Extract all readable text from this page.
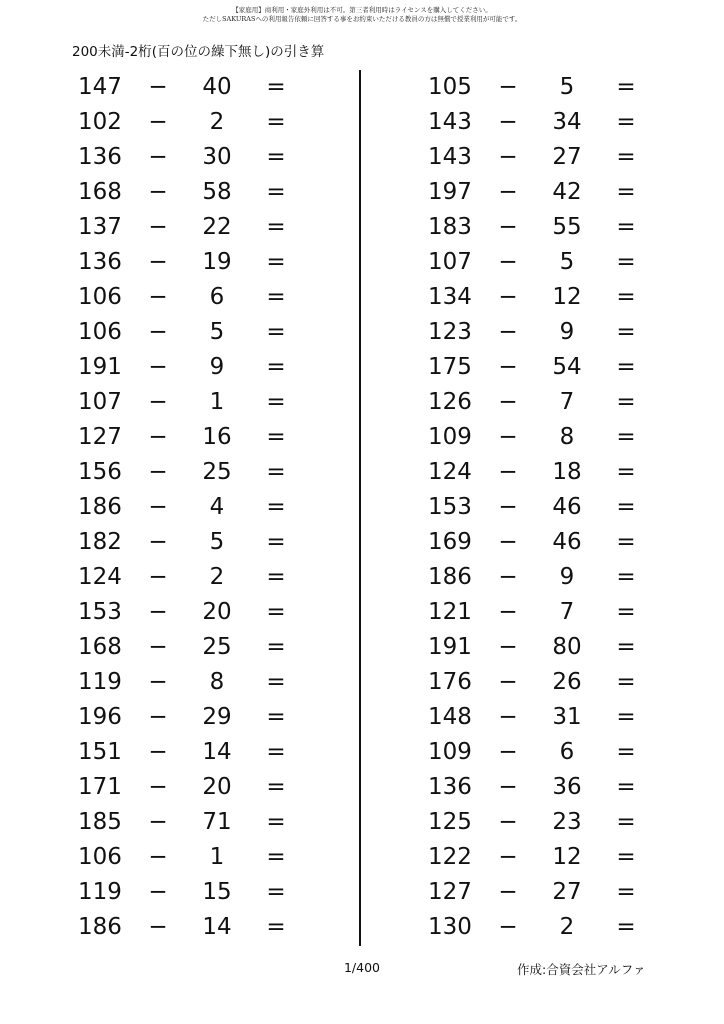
【家庭用】商利用・家庭外利用は不可。第三者利用時はライセンスを購入してください。
ただしSAKURASへの利用報告依頼に回答する事をお約束いただける教員の方は無償で授業利用が可能です。
200未満-2桁(百の位の繰下無し)の引き算
147 −	40	=
102 −	2	=
136 −	30	=
168 −	58	=
137 −	22	=
136 −	19	=
106 −	6	=
106 −	5	=
191 −	9	=
107 −	1	=
127 −	16	=
156 −	25	=
186 −	4	=
182 −	5	=
124 −	2	=
153 −	20	=
168 −	25	=
119 −	8	=
196 −	29	=
151 −	14	=
171 −	20	=
185 −	71	=
106 −	1	=
119 −	15	=
186 −	14	=
105 −	5	=
143 −	34	=
143 −	27	=
197 −	42	=
183 −	55	=
107 −	5	=
134 −	12	=
123 −	9	=
175 −	54	=
126 −	7	=
109 −	8	=
124 −	18	=
153 −	46	=
169 −	46	=
186 −	9	=
121 −	7	=
191 −	80	=
176 −	26	=
148 −	31	=
109 −	6	=
136 −	36	=
125 −	23	=
122 −	12	=
127 −	27	=
130 −	2	=
1/400	作成:合資会社アルファ
